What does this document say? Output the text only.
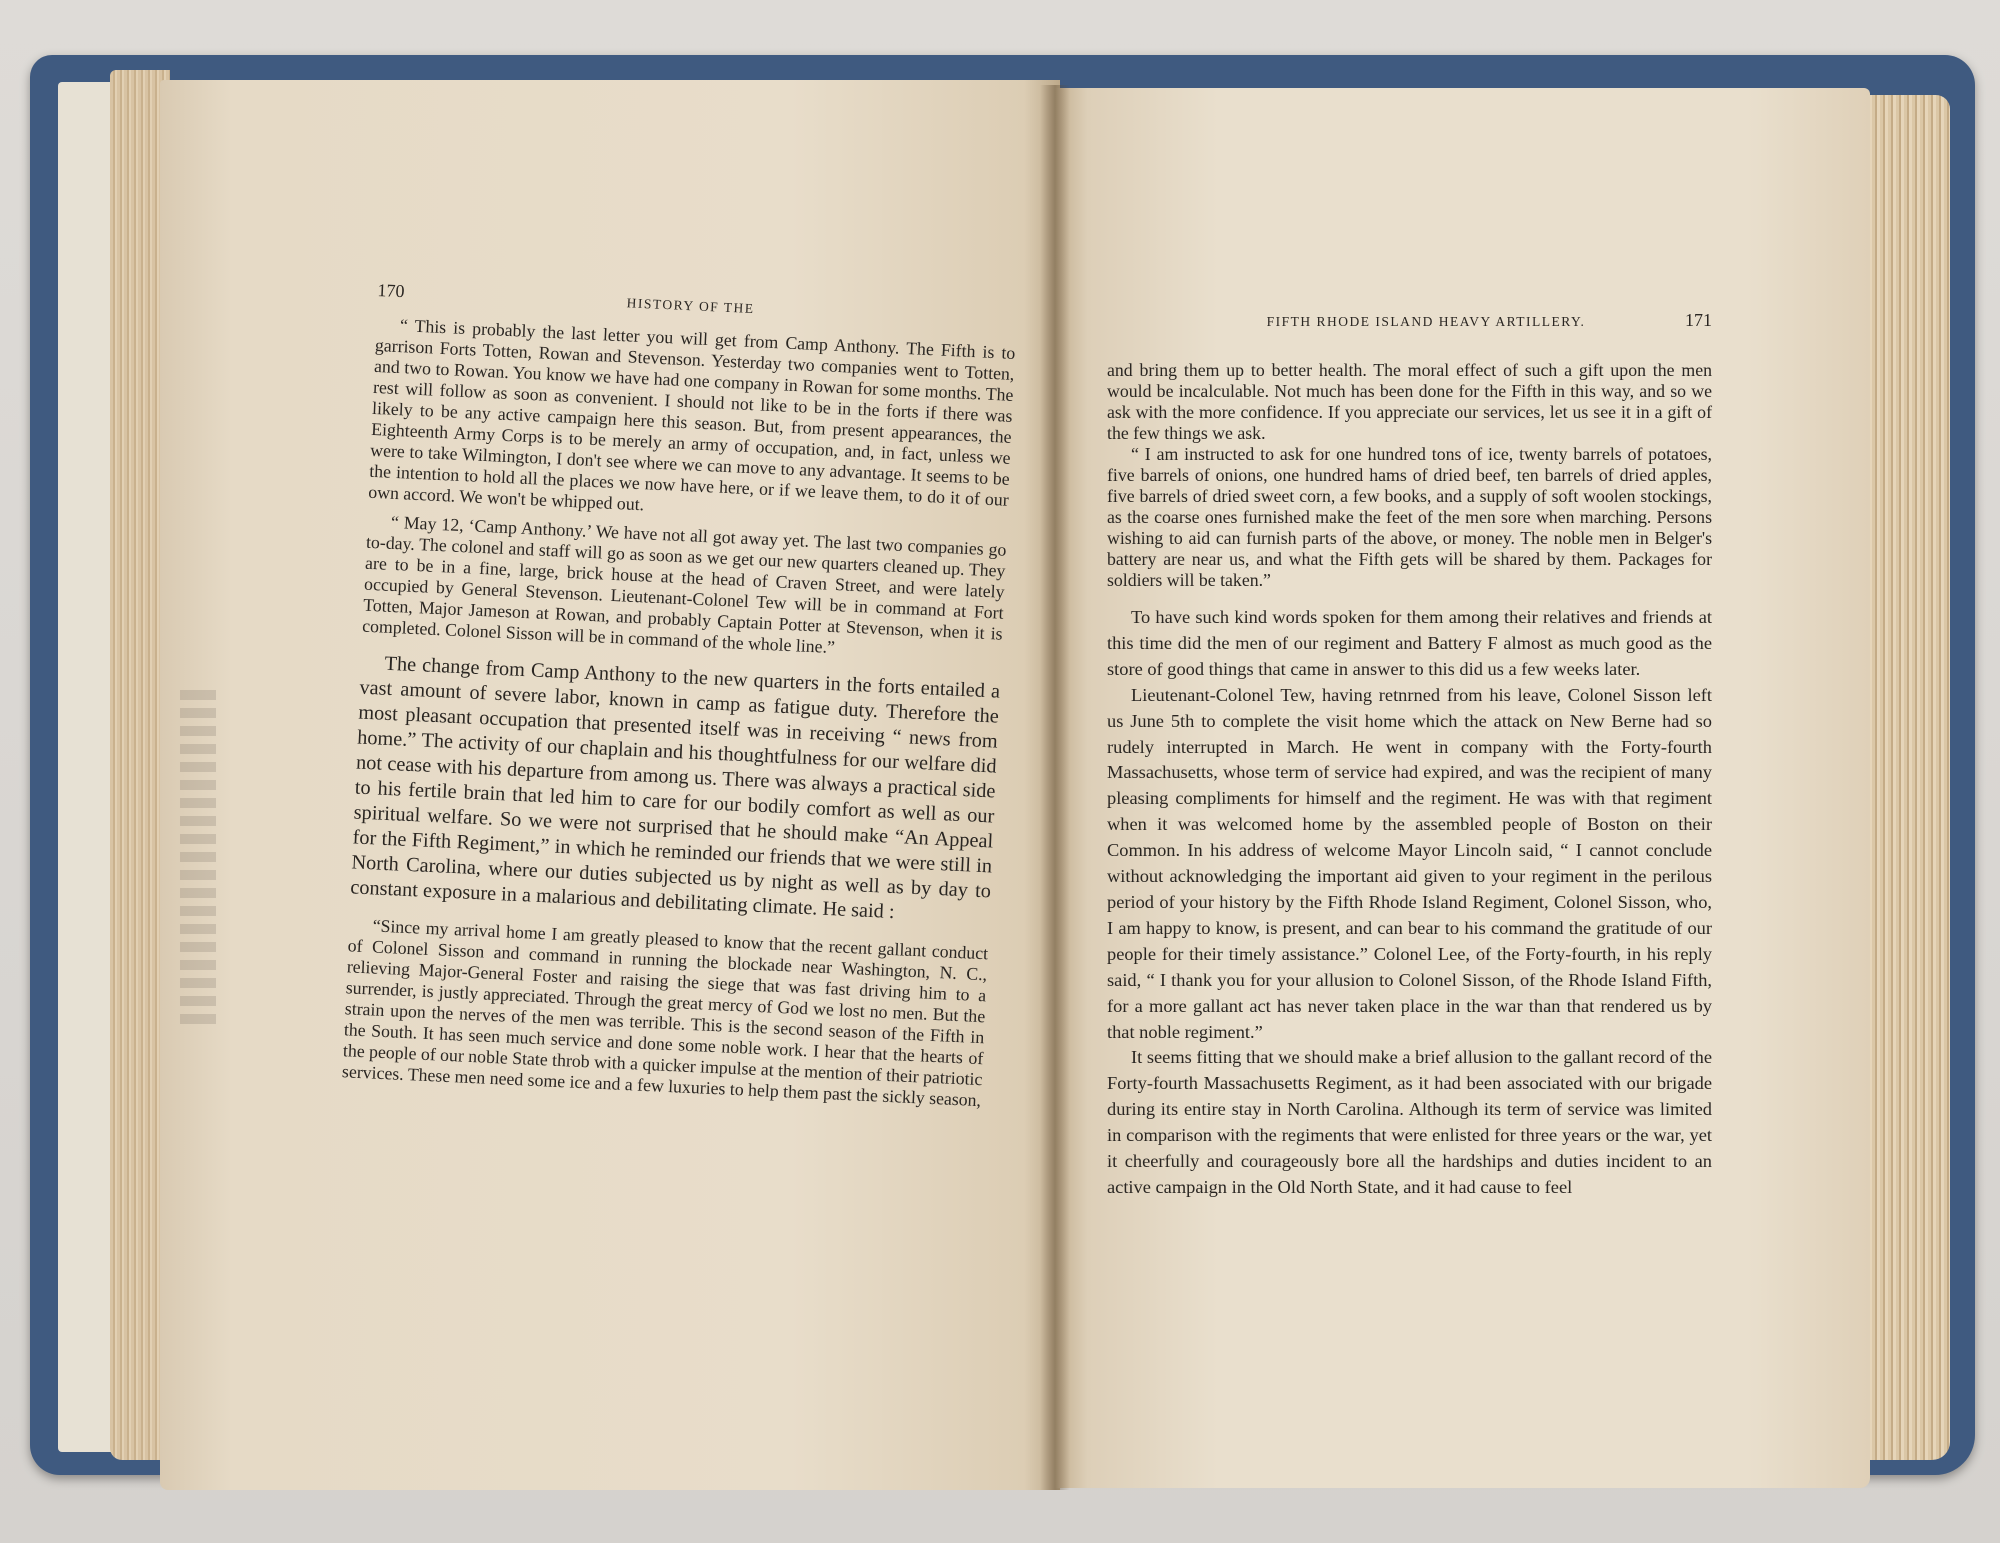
170
HISTORY OF THE

“ This is probably the last letter you will get from Camp Anthony. The Fifth is to garrison Forts Totten, Rowan and Stevenson. Yesterday two companies went to Totten, and two to Rowan. You know we have had one company in Rowan for some months. The rest will follow as soon as convenient. I should not like to be in the forts if there was likely to be any active campaign here this season. But, from present appearances, the Eighteenth Army Corps is to be merely an army of occupation, and, in fact, unless we were to take Wilmington, I don't see where we can move to any advantage. It seems to be the intention to hold all the places we now have here, or if we leave them, to do it of our own accord. We won't be whipped out.

“ May 12, ‘Camp Anthony.’ We have not all got away yet. The last two companies go to-day. The colonel and staff will go as soon as we get our new quarters cleaned up. They are to be in a fine, large, brick house at the head of Craven Street, and were lately occupied by General Stevenson. Lieutenant-Colonel Tew will be in command at Fort Totten, Major Jameson at Rowan, and probably Captain Potter at Stevenson, when it is completed. Colonel Sisson will be in command of the whole line.”

The change from Camp Anthony to the new quarters in the forts entailed a vast amount of severe labor, known in camp as fatigue duty. Therefore the most pleasant occupation that presented itself was in receiving “ news from home.” The activity of our chaplain and his thoughtfulness for our welfare did not cease with his departure from among us. There was always a practical side to his fertile brain that led him to care for our bodily comfort as well as our spiritual welfare. So we were not surprised that he should make “An Appeal for the Fifth Regiment,” in which he reminded our friends that we were still in North Carolina, where our duties subjected us by night as well as by day to constant exposure in a malarious and debilitating climate. He said :

“Since my arrival home I am greatly pleased to know that the recent gallant conduct of Colonel Sisson and command in running the blockade near Washington, N. C., relieving Major-General Foster and raising the siege that was fast driving him to a surrender, is justly appreciated. Through the great mercy of God we lost no men. But the strain upon the nerves of the men was terrible. This is the second season of the Fifth in the South. It has seen much service and done some noble work. I hear that the hearts of the people of our noble State throb with a quicker impulse at the mention of their patriotic services. These men need some ice and a few luxuries to help them past the sickly season,

FIFTH RHODE ISLAND HEAVY ARTILLERY.	171

and bring them up to better health. The moral effect of such a gift upon the men would be incalculable. Not much has been done for the Fifth in this way, and so we ask with the more confidence. If you appreciate our services, let us see it in a gift of the few things we ask.

“ I am instructed to ask for one hundred tons of ice, twenty barrels of potatoes, five barrels of onions, one hundred hams of dried beef, ten barrels of dried apples, five barrels of dried sweet corn, a few books, and a supply of soft woolen stockings, as the coarse ones furnished make the feet of the men sore when marching. Persons wishing to aid can furnish parts of the above, or money. The noble men in Belger's battery are near us, and what the Fifth gets will be shared by them. Packages for soldiers will be taken.”

To have such kind words spoken for them among their relatives and friends at this time did the men of our regiment and Battery F almost as much good as the store of good things that came in answer to this did us a few weeks later.

Lieutenant-Colonel Tew, having retnrned from his leave, Colonel Sisson left us June 5th to complete the visit home which the attack on New Berne had so rudely interrupted in March. He went in company with the Forty-fourth Massachusetts, whose term of service had expired, and was the recipient of many pleasing compliments for himself and the regiment. He was with that regiment when it was welcomed home by the assembled people of Boston on their Common. In his address of welcome Mayor Lincoln said, “ I cannot conclude without acknowledging the important aid given to your regiment in the perilous period of your history by the Fifth Rhode Island Regiment, Colonel Sisson, who, I am happy to know, is present, and can bear to his command the gratitude of our people for their timely assistance.” Colonel Lee, of the Forty-fourth, in his reply said, “ I thank you for your allusion to Colonel Sisson, of the Rhode Island Fifth, for a more gallant act has never taken place in the war than that rendered us by that noble regiment.”

It seems fitting that we should make a brief allusion to the gallant record of the Forty-fourth Massachusetts Regiment, as it had been associated with our brigade during its entire stay in North Carolina. Although its term of service was limited in comparison with the regiments that were enlisted for three years or the war, yet it cheerfully and courageously bore all the hardships and duties incident to an active campaign in the Old North State, and it had cause to feel
